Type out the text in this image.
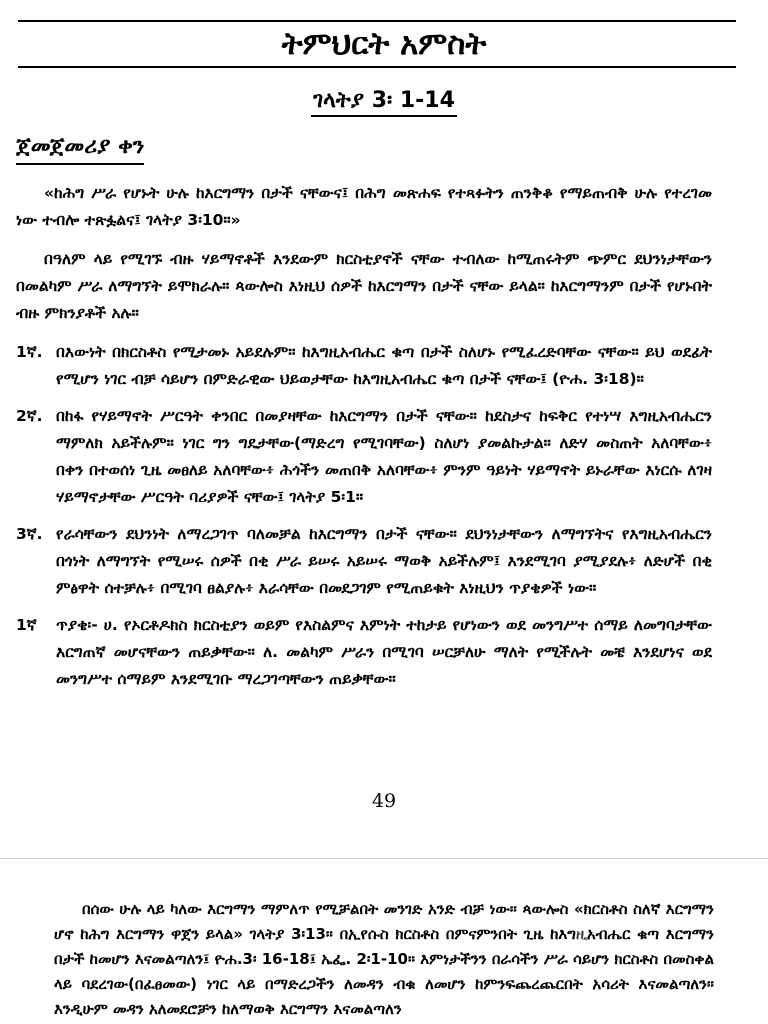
ትምህርት አምስት
ገላትያ 3፡ 1-14
ጀመጀመሪያ ቀን

«ከሕግ ሥራ የሆኑት ሁሉ ከእርግማን በታች ናቸውና፤ በሕግ መጽሐፍ የተጻፉትን ጠንቅቆ የማይጠብቅ ሁሉ የተረገመ ነው ተብሎ ተጽፏልና፤ ገላትያ 3፡10።»

በዓለም ላይ የሚገኙ ብዙ ሃይማኖቶች እንደውም ክርስቲያኖች ናቸው ተብለው ከሚጠሩትም ጭምር ደህንነታቸውን በመልካም ሥራ ለማግኘት ይሞክራሉ። ጳውሎስ እነዚህ ሰዎች ከእርግማን በታች ናቸው ይላል። ከእርግማንም በታች የሆኑበት ብዙ ምክንያቶች አሉ።

1ኛ. በእውነት በክርስቶስ የሚታመኑ አይደሉም። ከእግዚአብሔር ቁጣ በታች ስለሆኑ የሚፈረድባቸው ናቸው። ይህ ወደፊት የሚሆን ነገር ብቻ ሳይሆን በምድራዊው ህይወታቸው ከእግዚአብሔር ቁጣ በታች ናቸው፤ (ዮሐ. 3፡18)።
2ኛ. በከፋ የሃይማኖት ሥርዓት ቀንበር በመያዛቸው ከእርግማን በታች ናቸው። ከደስታና ከፍቅር የተነሣ እግዚአብሔርን ማምለክ አይችሉም። ነገር ግን ግዴታቸው(ማድረግ የሚገባቸው) ስለሆነ ያመልኩታል። ለድሃ መስጠት አለባቸው፥ በቀን በተወሰነ ጊዜ መፀለይ አለባቸው፥ ሕጎችን መጠበቅ አለባቸው፥ ምንም ዓይነት ሃይማኖት ይኑራቸው እነርሱ ለገዛ ሃይማኖታቸው ሥርዓት ባሪያዎች ናቸው፤ ገላትያ 5፡1።
3ኛ. የራሳቸውን ደህንነት ለማረጋገጥ ባለመቻል ከእርግማን በታች ናቸው። ደህንነታቸውን ለማግኘትና የእግዚአብሔርን በጎነት ለማግኘት የሚሠሩ ሰዎች በቂ ሥራ ይሠሩ አይሠሩ ማወቅ አይችሉም፤ እንደሚገባ ያሚያደሉ፥ ለድሆች በቂ ምፅዋት ሰተቻሉ፥ በሚገባ ፀልያሉ፥ እራሳቸው በመደጋገም የሚጠይቁት እነዚህን ጥያቄዎች ነው።
1ኛ ጥያቄ፡- ሀ. የኦርቶዶክስ ክርስቲያን ወይም የእስልምና እምነት ተከታይ የሆነውን ወደ መንግሥተ ሰማይ ለመግባታቸው እርግጠኛ መሆናቸውን ጠይቃቸው። ለ. መልካም ሥራን በሚገባ ሠርቻለሁ ማለት የሚችሉት መቼ እንደሆነና ወደ መንግሥተ ሰማይም እንደሚገቡ ማረጋገጣቸውን ጠይቃቸው።
49

በሰው ሁሉ ላይ ካለው እርግማን ማምለጥ የሚቻልበት መንገድ አንድ ብቻ ነው። ጳውሎስ «ክርስቶስ ስለኛ እርግማን ሆኖ ከሕግ እርግማን ዋጀን ይላል» ገላትያ 3፡13። በኢየሱስ ክርስቶስ በምናምንበት ጊዜ ከእግዚአብሔር ቁጣ እርግማን በታች ከመሆን እናመልጣለን፤ ዮሐ.3፡ 16-18፤ ኤፌ. 2፡1-10። እምነታችንን በራሳችን ሥራ ሳይሆን ክርስቶስ በመስቀል ላይ ባደረገው(በፈፀመው) ነገር ላይ በማድረጋችን ለመዳን ብቁ ለመሆን ከምንፍጨረጨርበት አሳሪት እናመልጣለን። እንዲሁም መዳን አለመደሮቻን ከለማወቅ እርግማን እናመልጣለን
